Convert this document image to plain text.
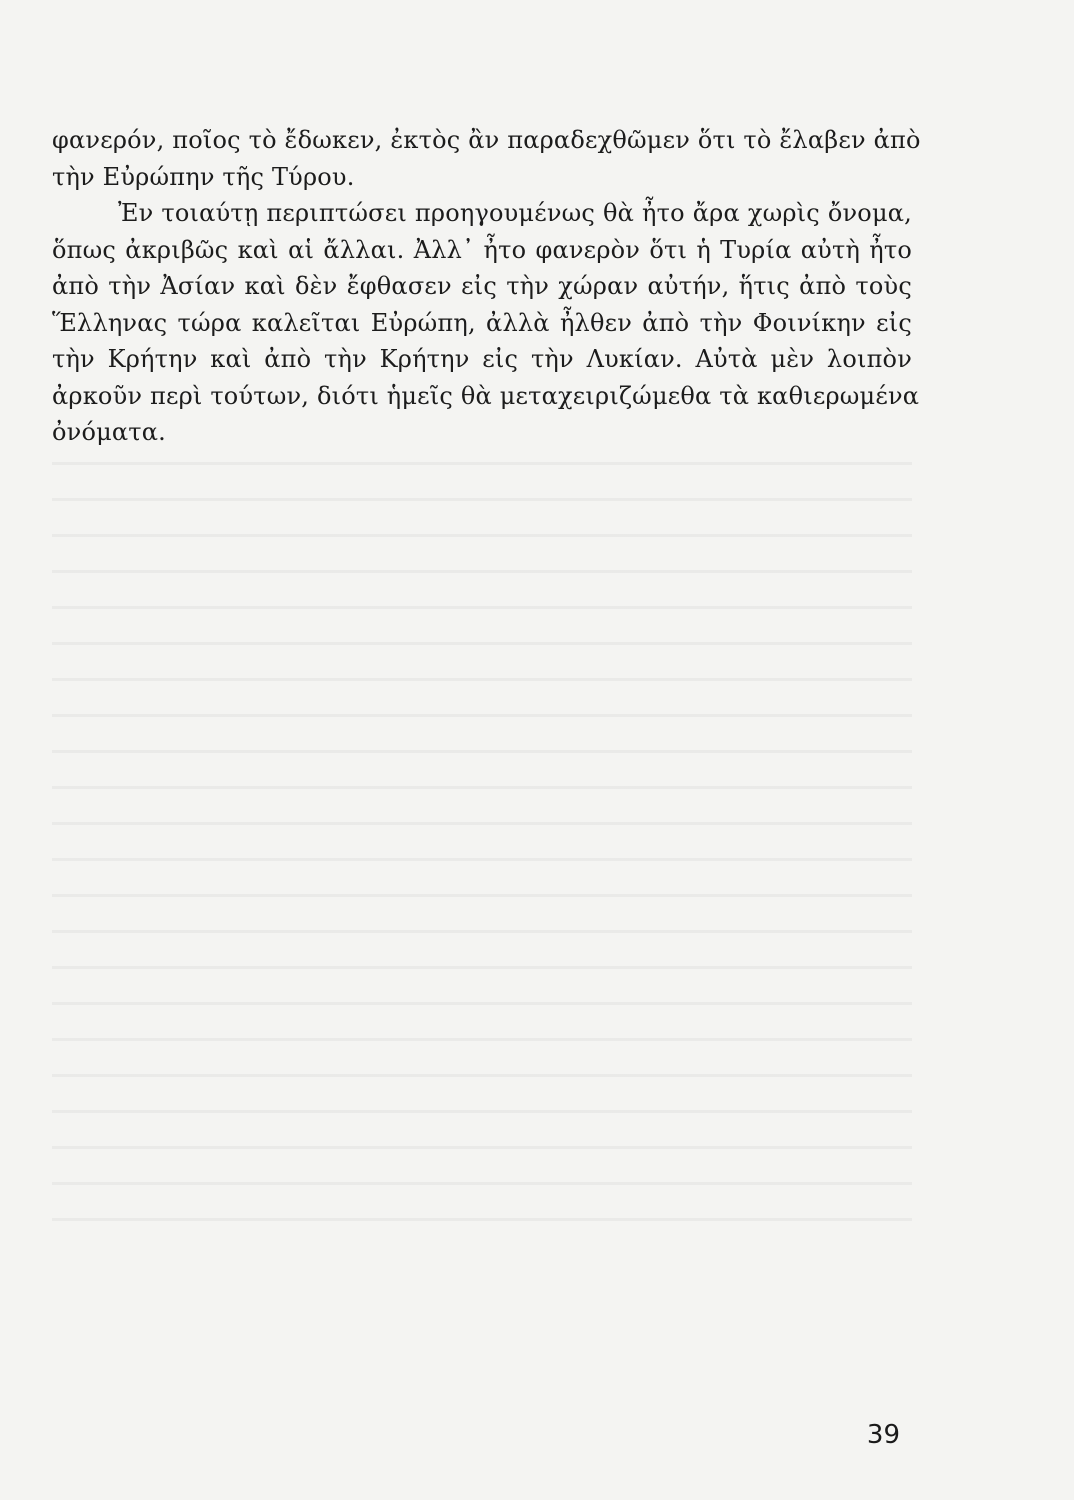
φανερόν, ποῖος τὸ ἔδωκεν, ἐκτὸς ἂν παραδεχθῶμεν ὅτι τὸ ἔλαβεν ἀπὸ
τὴν Εὐρώπην τῆς Τύρου.

Ἐν τοιαύτῃ περιπτώσει προηγουμένως θὰ ἦτο ἄρα χωρὶς ὄνομα,
ὅπως ἀκριβῶς καὶ αἱ ἄλλαι. Ἀλλ᾽ ἦτο φανερὸν ὅτι ἡ Τυρία αὐτὴ ἦτο
ἀπὸ τὴν Ἀσίαν καὶ δὲν ἔφθασεν εἰς τὴν χώραν αὐτήν, ἥτις ἀπὸ τοὺς
Ἕλληνας τώρα καλεῖται Εὐρώπη, ἀλλὰ ἦλθεν ἀπὸ τὴν Φοινίκην εἰς
τὴν Κρήτην καὶ ἀπὸ τὴν Κρήτην εἰς τὴν Λυκίαν. Αὐτὰ μὲν λοιπὸν
ἀρκοῦν περὶ τούτων, διότι ἡμεῖς θὰ μεταχειριζώμεθα τὰ καθιερωμένα
ὀνόματα.

39
